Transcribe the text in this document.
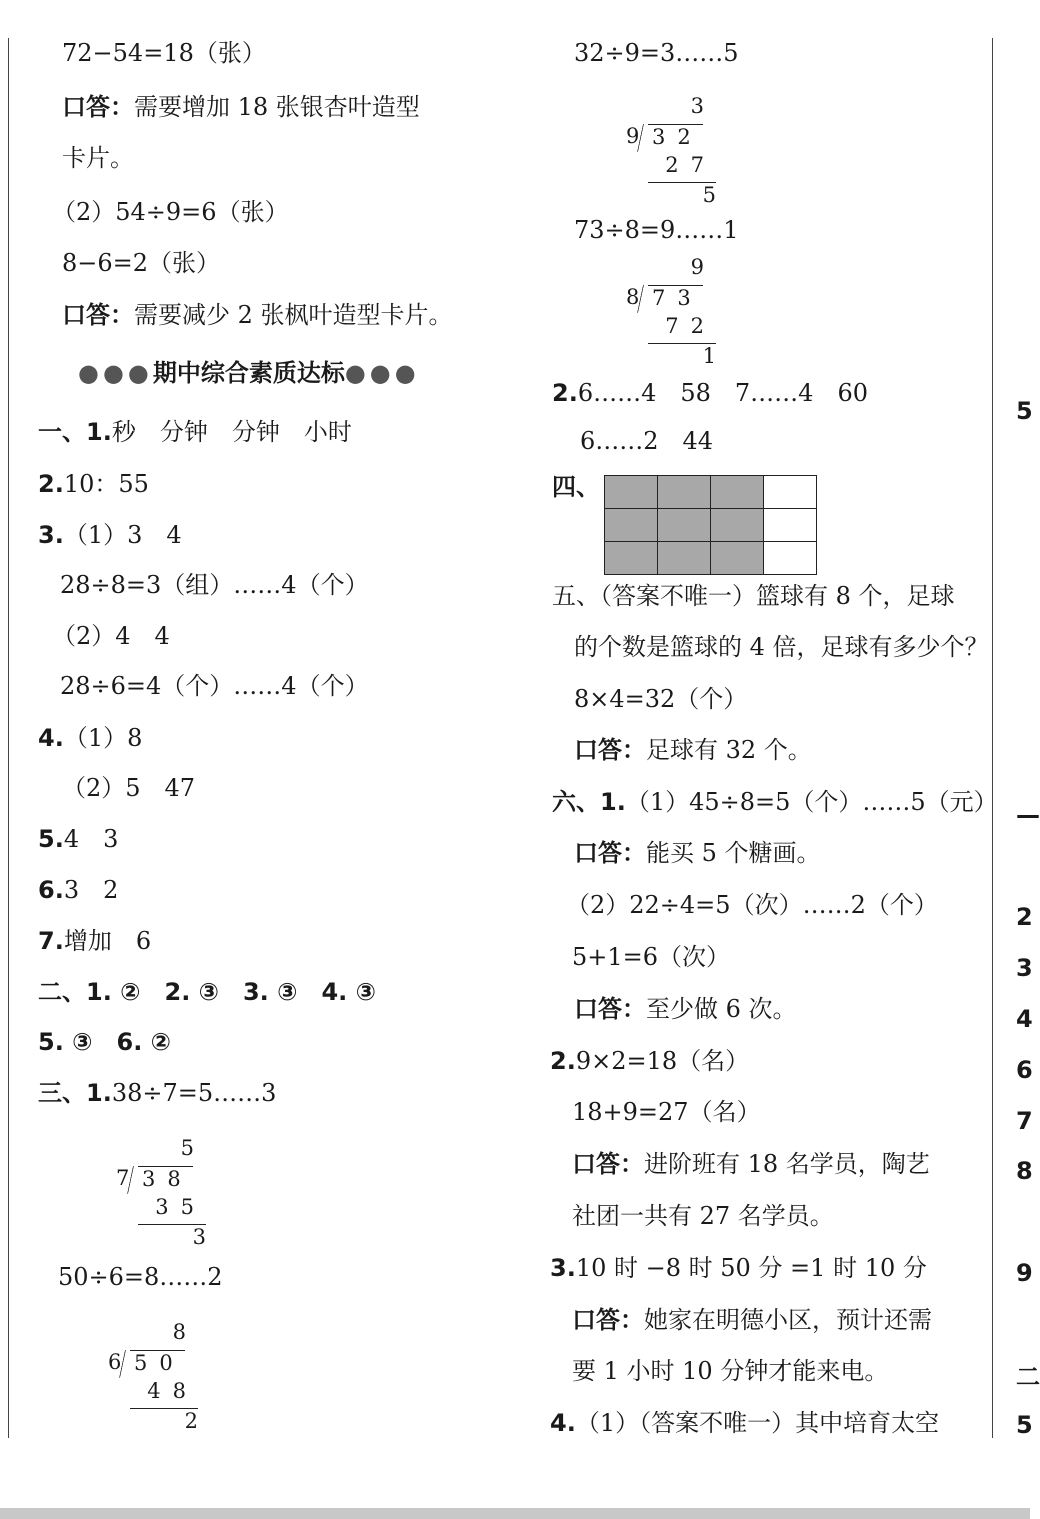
72−54=18（张）
口答：需要增加 18 张银杏叶造型
卡片。
（2）54÷9=6（张）
8−6=2（张）
口答：需要减少 2 张枫叶造型卡片。
●●●期中综合素质达标●●●
一、1.秒　分钟　分钟　小时
2.10：55
3.（1）3　4
28÷8=3（组）……4（个）
（2）4　4
28÷6=4（个）……4（个）
4.（1）8
（2）5　47
5.4　3
6.3　2
7.增加　6
二、1. ②　2. ③　3. ③　4. ③
5. ③　6. ②
三、1.38÷7=5……3
5
7 38
35
3
50÷6=8……2
8
6 50
48
2
32÷9=3……5
3
9 32
27
5
73÷8=9……1
9
8 73
72
1
2.6……4　58　7……4　60
6……2　44
四、

五、（答案不唯一）篮球有 8 个，足球
的个数是篮球的 4 倍，足球有多少个？
8×4=32（个）
口答：足球有 32 个。
六、1.（1）45÷8=5（个）……5（元）
口答：能买 5 个糖画。
（2）22÷4=5（次）……2（个）
5+1=6（次）
口答：至少做 6 次。
2.9×2=18（名）
18+9=27（名）
口答：进阶班有 18 名学员，陶艺
社团一共有 27 名学员。
3.10 时 −8 时 50 分 =1 时 10 分
口答：她家在明德小区，预计还需
要 1 小时 10 分钟才能来电。
4.（1）（答案不唯一）其中培育太空
5
—
2
3
4
6
7
8
9
二
5
